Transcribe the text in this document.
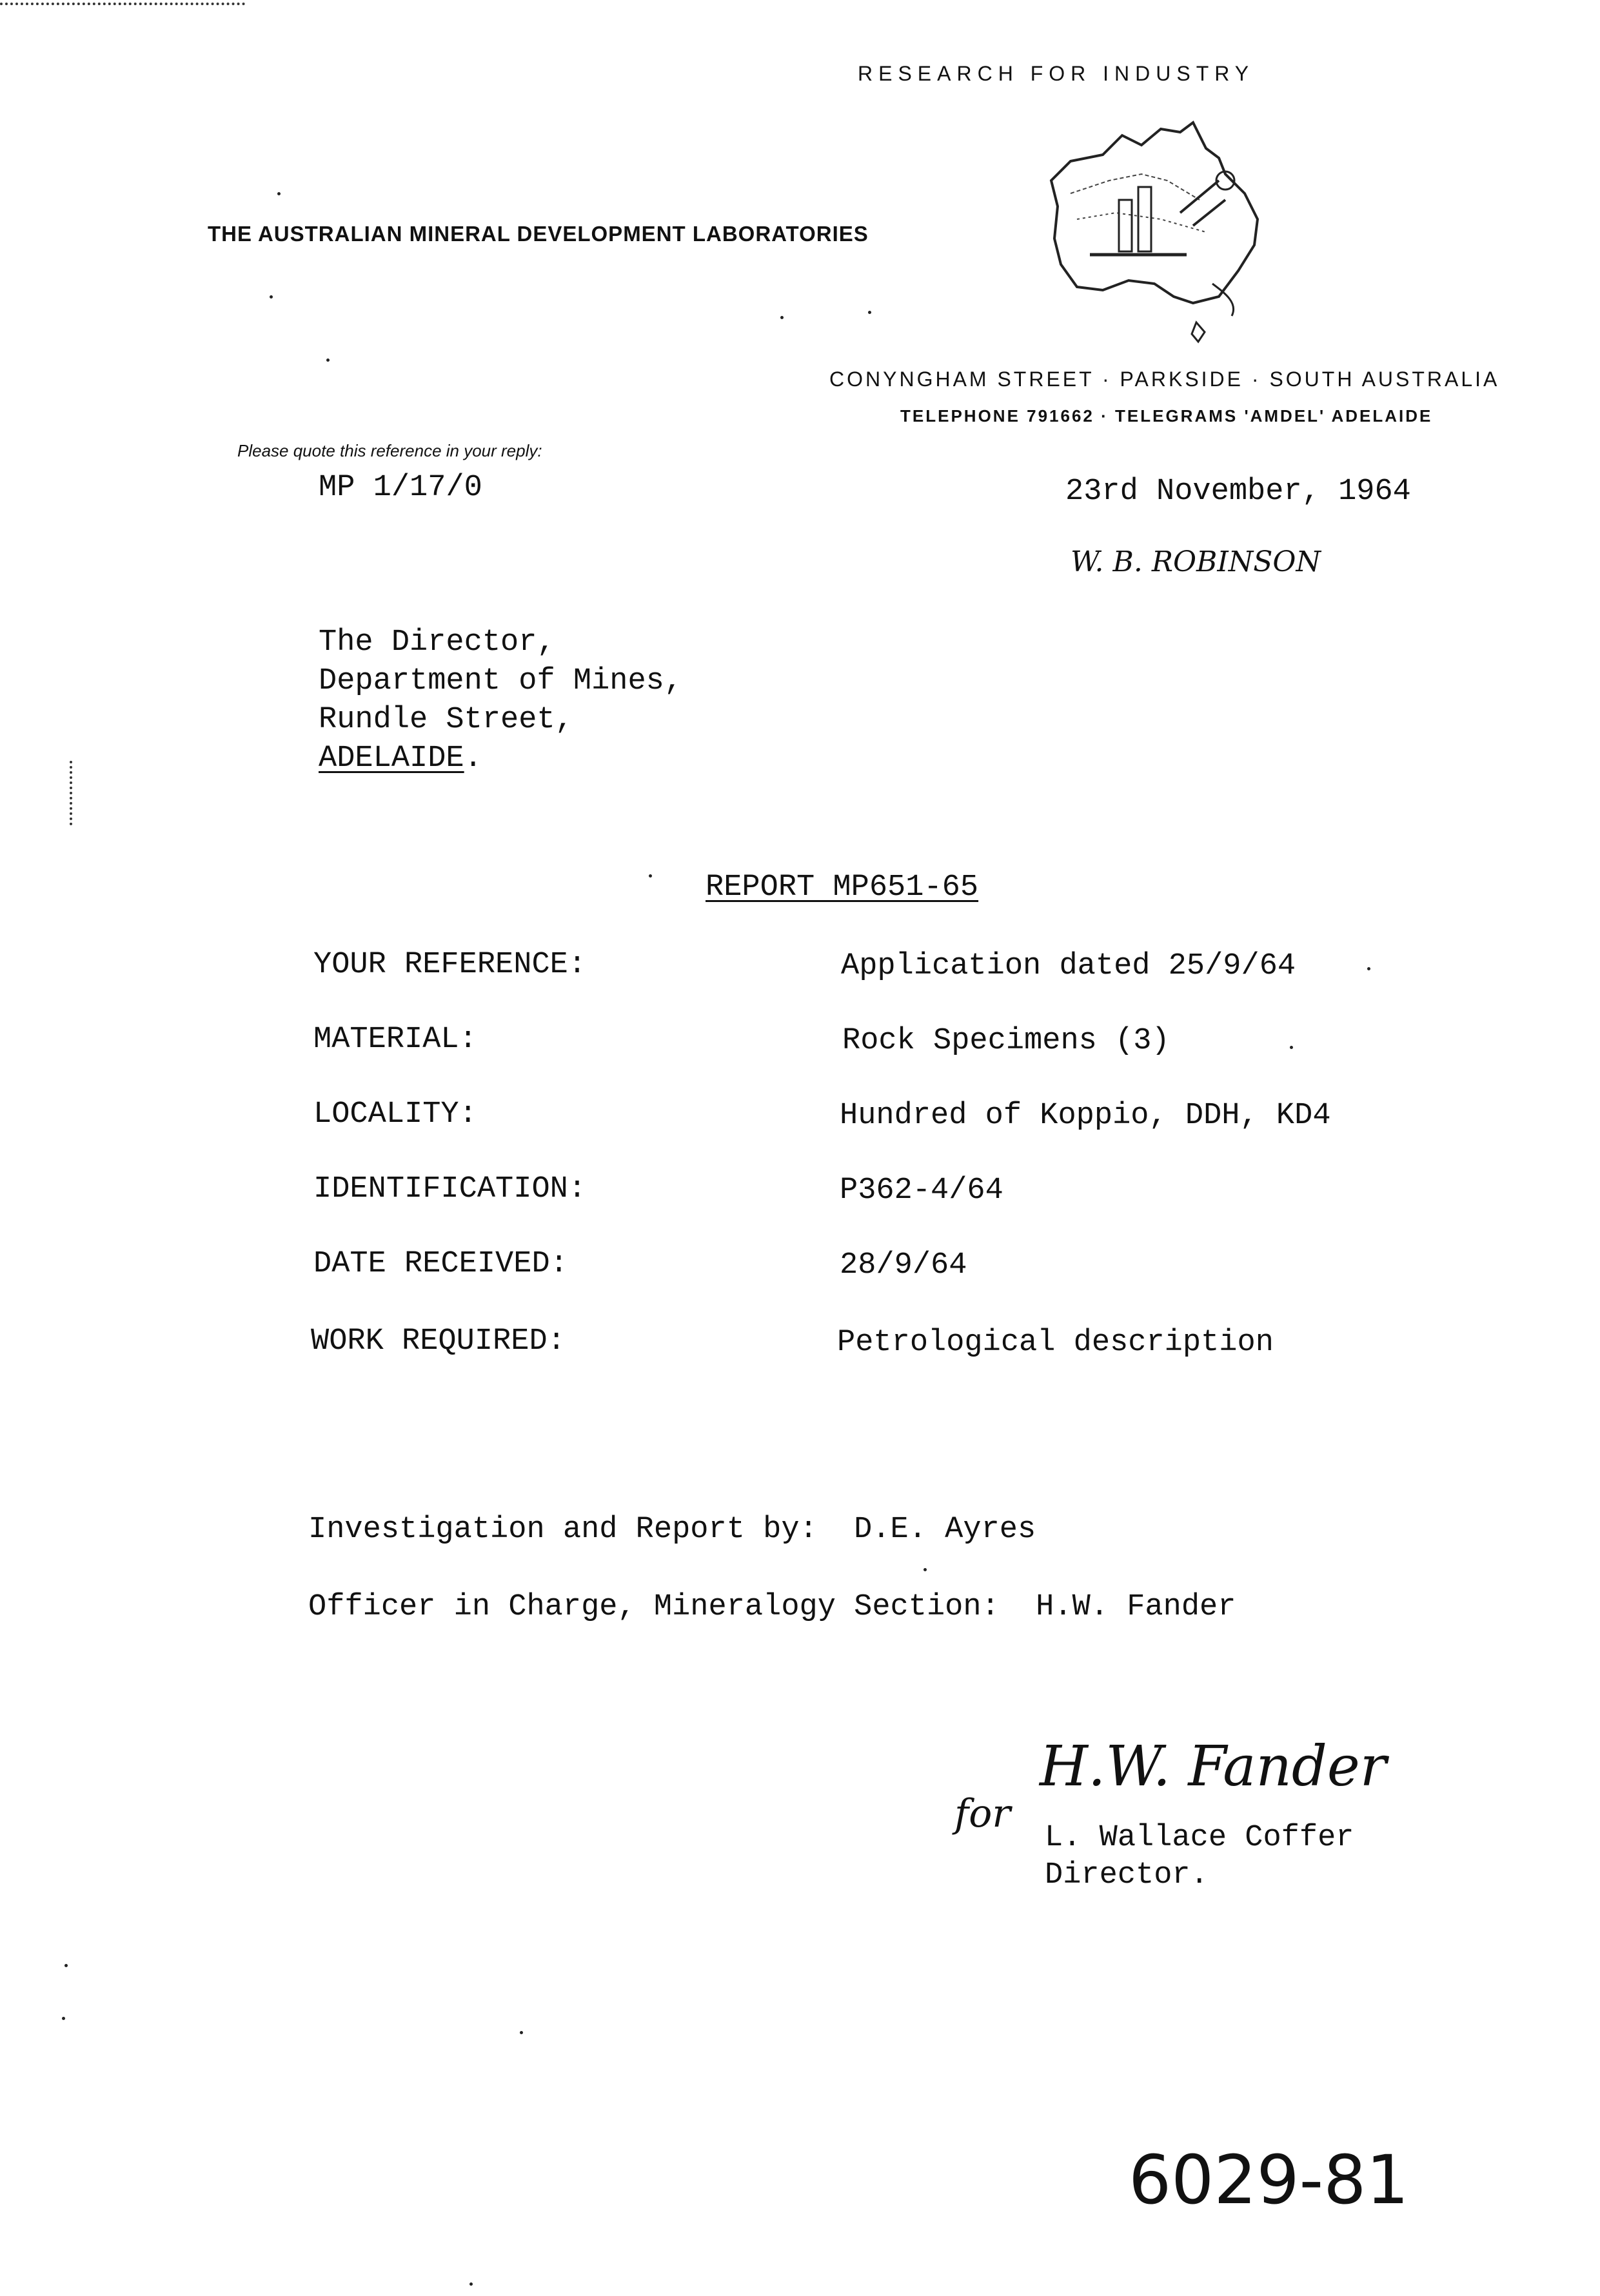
RESEARCH FOR INDUSTRY
THE AUSTRALIAN MINERAL DEVELOPMENT LABORATORIES
CONYNGHAM STREET · PARKSIDE · SOUTH AUSTRALIA
TELEPHONE 791662 · TELEGRAMS 'AMDEL' ADELAIDE
Please quote this reference in your reply:
MP 1/17/0	23rd November, 1964
W. B. ROBINSON
The Director,
Department of Mines,
Rundle Street,
ADELAIDE.
REPORT MP651-65
YOUR REFERENCE:	Application dated 25/9/64
MATERIAL:	Rock Specimens (3)
LOCALITY:	Hundred of Koppio, DDH, KD4
IDENTIFICATION:	P362-4/64
DATE RECEIVED:	28/9/64
WORK REQUIRED:	Petrological description
Investigation and Report by:  D.E. Ayres
Officer in Charge, Mineralogy Section:  H.W. Fander
H.W. Fander
for
L. Wallace Coffer
Director.
6029-81
